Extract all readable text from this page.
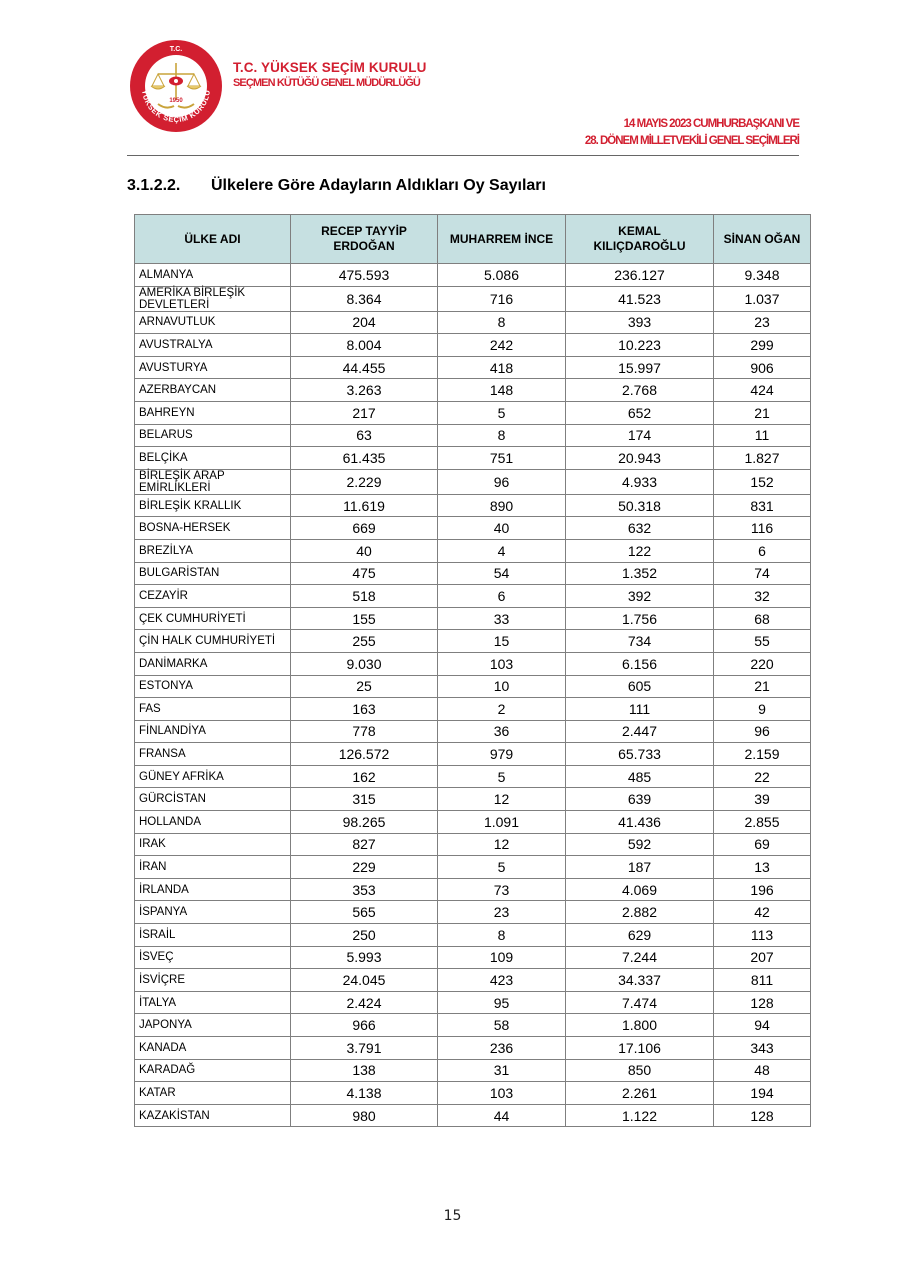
T.C.
YÜKSEK SEÇİM KURULU
1950
T.C. YÜKSEK SEÇİM KURULU
SEÇMEN KÜTÜĞÜ GENEL MÜDÜRLÜĞÜ
14 MAYIS 2023 CUMHURBAŞKANI VE
28. DÖNEM MİLLETVEKİLİ GENEL SEÇİMLERİ
3.1.2.2. Ülkelere Göre Adayların Aldıkları Oy Sayıları
ÜLKE ADI	RECEP TAYYİP ERDOĞAN	MUHARREM İNCE	KEMAL KILIÇDAROĞLU	SİNAN OĞAN
ALMANYA	475.593	5.086	236.127	9.348
AMERİKA BİRLEŞİK DEVLETLERİ	8.364	716	41.523	1.037
ARNAVUTLUK	204	8	393	23
AVUSTRALYA	8.004	242	10.223	299
AVUSTURYA	44.455	418	15.997	906
AZERBAYCAN	3.263	148	2.768	424
BAHREYN	217	5	652	21
BELARUS	63	8	174	11
BELÇİKA	61.435	751	20.943	1.827
BİRLEŞİK ARAP EMİRLİKLERİ	2.229	96	4.933	152
BİRLEŞİK KRALLIK	11.619	890	50.318	831
BOSNA-HERSEK	669	40	632	116
BREZİLYA	40	4	122	6
BULGARİSTAN	475	54	1.352	74
CEZAYİR	518	6	392	32
ÇEK CUMHURİYETİ	155	33	1.756	68
ÇİN HALK CUMHURİYETİ	255	15	734	55
DANİMARKA	9.030	103	6.156	220
ESTONYA	25	10	605	21
FAS	163	2	111	9
FİNLANDİYA	778	36	2.447	96
FRANSA	126.572	979	65.733	2.159
GÜNEY AFRİKA	162	5	485	22
GÜRCİSTAN	315	12	639	39
HOLLANDA	98.265	1.091	41.436	2.855
IRAK	827	12	592	69
İRAN	229	5	187	13
İRLANDA	353	73	4.069	196
İSPANYA	565	23	2.882	42
İSRAİL	250	8	629	113
İSVEÇ	5.993	109	7.244	207
İSVİÇRE	24.045	423	34.337	811
İTALYA	2.424	95	7.474	128
JAPONYA	966	58	1.800	94
KANADA	3.791	236	17.106	343
KARADAĞ	138	31	850	48
KATAR	4.138	103	2.261	194
KAZAKİSTAN	980	44	1.122	128
15
